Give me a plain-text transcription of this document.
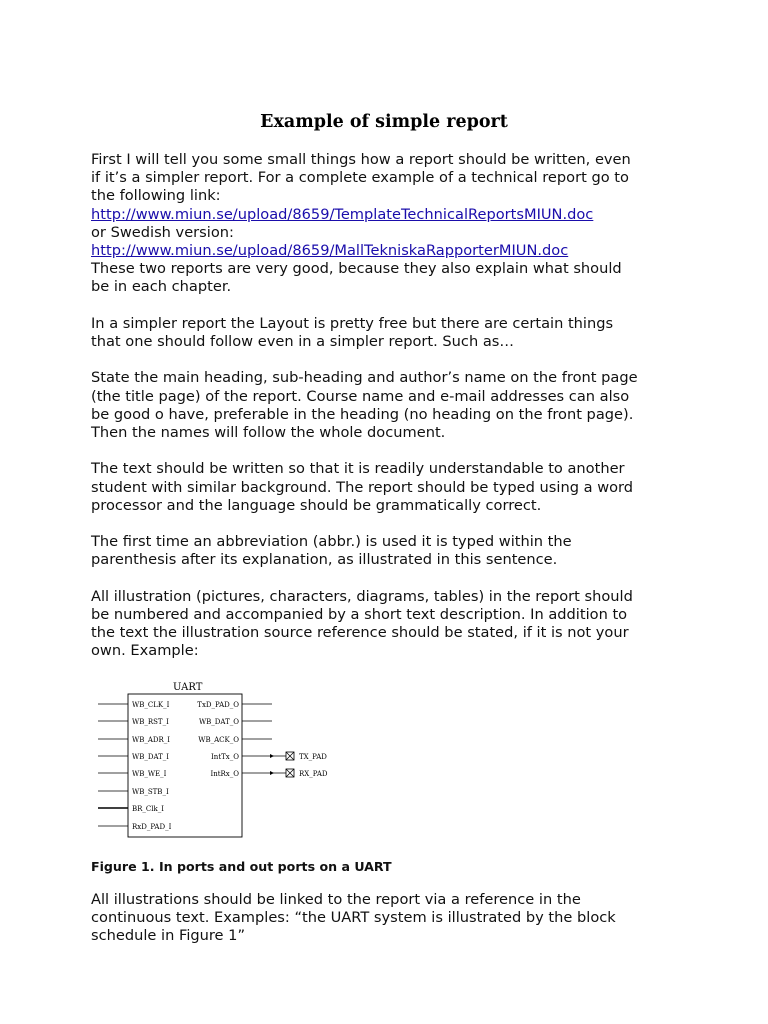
Example of simple report

First I will tell you some small things how a report should be written, even
if it’s a simpler report. For a complete example of a technical report go to
the following link:
http://www.miun.se/upload/8659/TemplateTechnicalReportsMIUN.doc
or Swedish version:
http://www.miun.se/upload/8659/MallTekniskaRapporterMIUN.doc
These two reports are very good, because they also explain what should
be in each chapter.

In a simpler report the Layout is pretty free but there are certain things
that one should follow even in a simpler report. Such as…

State the main heading, sub-heading and author’s name on the front page
(the title page) of the report. Course name and e-mail addresses can also
be good o have, preferable in the heading (no heading on the front page).
Then the names will follow the whole document.

The text should be written so that it is readily understandable to another
student with similar background. The report should be typed using a word
processor and the language should be grammatically correct.

The first time an abbreviation (abbr.) is used it is typed within the
parenthesis after its explanation, as illustrated in this sentence.

All illustration (pictures, characters, diagrams, tables) in the report should
be numbered and accompanied by a short text description. In addition to
the text the illustration source reference should be stated, if it is not your
own. Example:

UART
WB_CLK_I
WB_RST_I
WB_ADR_I
WB_DAT_I
WB_WE_I
WB_STB_I
BR_Clk_I
RxD_PAD_I
TxD_PAD_O
WB_DAT_O
WB_ACK_O
IntTx_O
IntRx_O
TX_PAD
RX_PAD
Figure 1. In ports and out ports on a UART
All illustrations should be linked to the report via a reference in the
continuous text. Examples: “the UART system is illustrated by the block
schedule in Figure 1”
